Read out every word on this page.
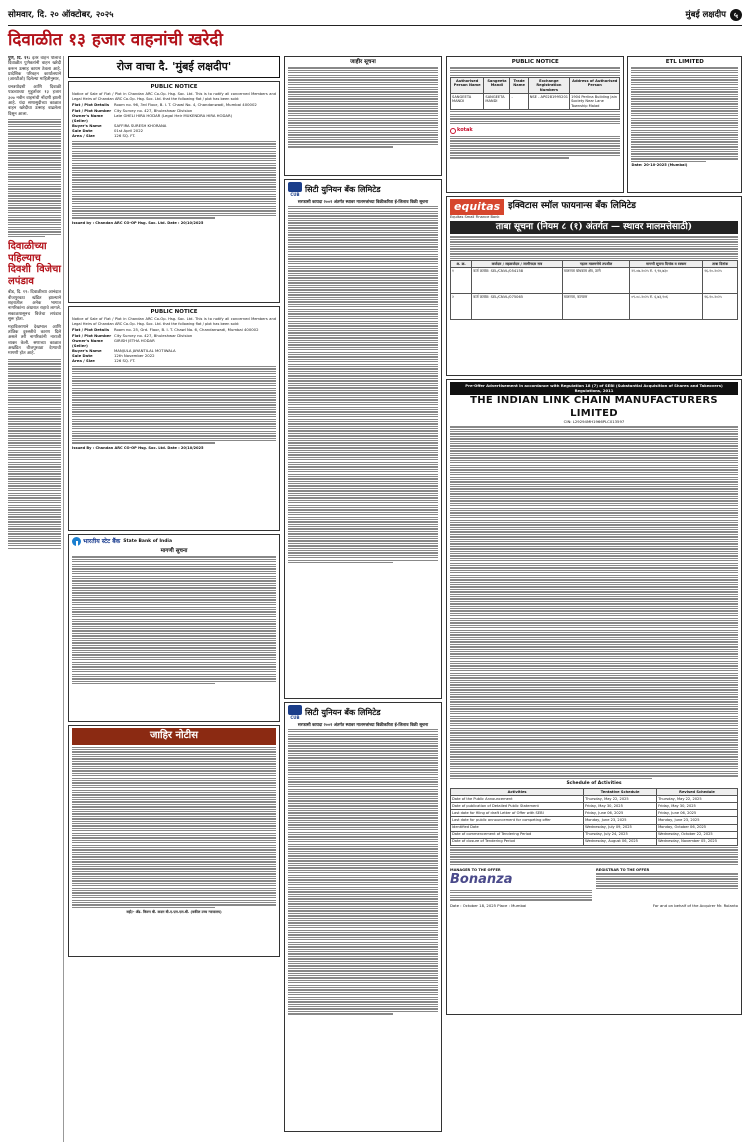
सोमवार, दि. २० ऑक्टोबर, २०२५	मुंबई लक्षदीप ५
दिवाळीत १३ हजार वाहनांची खरेदी

पुणे, दि. १९: इतर वाहन पोलाचे दिवाळीत पुणेकरांनी वाहन खरेदी करून उत्साह कायम ठेवला आहे. प्रादेशिक परिवहन कार्यालयाने (आरटीओ) दिलेल्या माहितीनुसार,

धनत्रयोदशी आणि दिवाळी पाडव्याच्या मुहूर्तावर १३ हजार ३०७ नवीन वाहनांची नोंदणी झाली आहे. यंदा सणासुदीच्या काळात वाहन खरेदीचा उत्साह वाढलेला दिसून आला.

दिवाळीच्या पहिल्याच दिवशी विजेचा लपंडाव

बीड, दि. १९: दिवाळीच्या आनंदात वीजपुरवठा खंडित झाल्याने शहरातील अनेक भागात नागरिकांना अंधारात राहावे लागले. सकाळपासूनच विजेचा लपंडाव सुरू होता.

महावितरणाने देखभाल आणि तांत्रिक दुरुस्तीचे कारण दिले असले तरी नागरिकांनी नाराजी व्यक्त केली. सणाच्या काळात अखंडित वीजपुरवठा देण्याची मागणी होत आहे.

रोज वाचा दै. 'मुंबई लक्षदीप'
PUBLIC NOTICE
Notice of Sale of Flat / Plot in Chandan ARC Co-Op. Hsg. Soc. Ltd. This is to notify all concerned Members and Legal Heirs of Chandan ARC Co-Op. Hsg. Soc. Ltd. that the following flat / plot has been sold:
Flat / Plot Details	Room no. 96, 3rd Floor, B. I. T. Chawl No. 4, Chandanwadi, Mumbai 400002
Flat / Plot Number City Survey no. 427, Bhuleshwar Division
Owner's Name (Seller)
Late GHELI HIRA HODAR (Legal Heir MUKENDRA HIRA HODAR)
Buyer's Name	SAFFIRA SURESH KHORANA
Sale Date	01st April 2022
Area / Size	126 SQ. FT.
Issued by : Chandan ARC CO-OP Hsg. Soc. Ltd. Date : 20/10/2025
PUBLIC NOTICE
Notice of Sale of Flat / Plot in Chandan ARC Co-Op. Hsg. Soc. Ltd. This is to notify all concerned Members and Legal Heirs of Chandan ARC Co-Op. Hsg. Soc. Ltd. that the following flat / plot has been sold:
Flat / Plot Details	Room no. 25, Grd. Floor, B. I. T. Chawl No. 6, Chandanwadi, Mumbai 400002
Flat / Plot Number City Survey no. 427, Bhuleshwar Division
Owner's Name (Seller)
GIRISH JETHA HODAR
Buyer's Name	MANJULA JAYANTILAL MOTIWALA
Sale Date	12th November 2022
Area / Size	126 SQ. FT.
Issued By : Chandan ARC CO-OP Hsg. Soc. Ltd. Date : 20/10/2025
भारतीय स्टेट बैंक State Bank of India
मागणी सूचना
जाहिर नोटीस
सही/- ॲड. किरण बी. कदम बी.ए.एल.एल.बी. (वकील उच्च न्यायालय)
जाहीर सूचना
CUB
सिटी युनियन बँक लिमिटेड
सरफासी कायदा २००२ अंतर्गत स्थावर मालमत्तांच्या विक्रीकरिता ई-लिलाव विक्री सूचना
CUB
सिटी युनियन बँक लिमिटेड
सरफासी कायदा २००२ अंतर्गत स्थावर मालमत्तांच्या विक्रीकरिता ई-लिलाव विक्री सूचना
PUBLIC NOTICE
Authorised Person Name	Sangeeta Mandi	Trade Name	Exchange Registration Numbers	Address of Authorised Person
SANGEETA MANDI	SANGEETA MANDI	-	NSE - AP0281995201	1904 Perlina Building Jain Society Near Lane Township Malad
kotak
ETL LIMITED
Date: 20-10-2025 (Mumbai)
equitas इक्विटास स्मॉल फायनान्स बँक लिमिटेड
Equitas Small Finance Bank
ताबा सूचना (नियम ८ (१) अंतर्गत — स्थावर मालमत्तेसाठी)
अ. क्र.	कर्जदार / सहकर्जदार / जामीनदार नाव	गहाण मालमत्तेचे तपशील	मागणी सूचना दिनांक व रक्कम	ताबा दिनांक
१	कर्ज क्रमांक: SEL/CNVL/054158	मालमत्ता बांधकाम क्षेत्र, ठाणे	२१-०७-२०२५ रु. १,९४,७३०	१६-१०-२०२५
२	कर्ज क्रमांक: SEL/CNVL/075065	मालमत्ता, कल्याण	०९-०८-२०२५ रु. ६,७३,१०६	१६-१०-२०२५
Pre-Offer Advertisement in accordance with Regulation 18 (7) of SEBI (Substantial Acquisition of Shares and Takeovers) Regulations, 2011
THE INDIAN LINK CHAIN MANUFACTURERS LIMITED
CIN: L29294MH1966PLC013597
Schedule of Activities
Activities	Tentative Schedule	Revised Schedule
Date of the Public Announcement	Thursday, May 22, 2025	Thursday, May 22, 2025
Date of publication of Detailed Public Statement	Friday, May 30, 2025	Friday, May 30, 2025
Last date for filing of draft Letter of Offer with SEBI	Friday, June 06, 2025	Friday, June 06, 2025
Last date for public announcement for competing offer	Monday, June 23, 2025	Monday, June 23, 2025
Identified Date	Wednesday, July 09, 2025	Monday, October 06, 2025
Date of commencement of Tendering Period	Thursday, July 24, 2025	Wednesday, October 22, 2025
Date of closure of Tendering Period	Wednesday, August 06, 2025	Wednesday, November 05, 2025
MANAGER TO THE OFFER
Bonanza
REGISTRAR TO THE OFFER
Date : October 18, 2025 Place : Mumbai	For and on behalf of the Acquirer Mr. Rolanto
